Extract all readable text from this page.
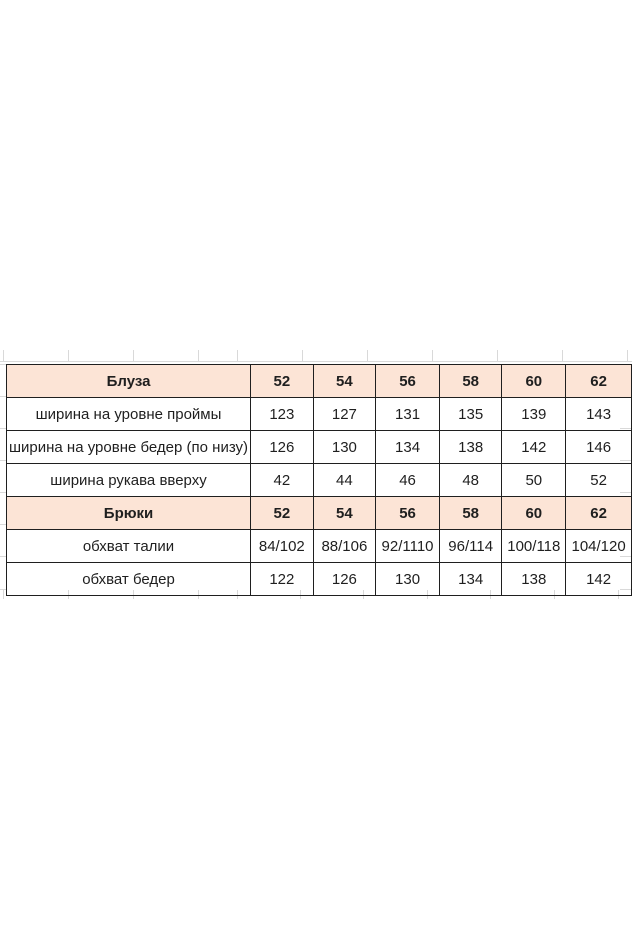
Блуза	52	54	56	58	60	62
ширина на уровне проймы	123	127	131	135	139	143
ширина на уровне бедер (по низу)	126	130	134	138	142	146
ширина рукава вверху	42	44	46	48	50	52
Брюки	52	54	56	58	60	62
обхват талии	84/102	88/106	92/1110	96/114	100/118	104/120
обхват бедер	122	126	130	134	138	142
